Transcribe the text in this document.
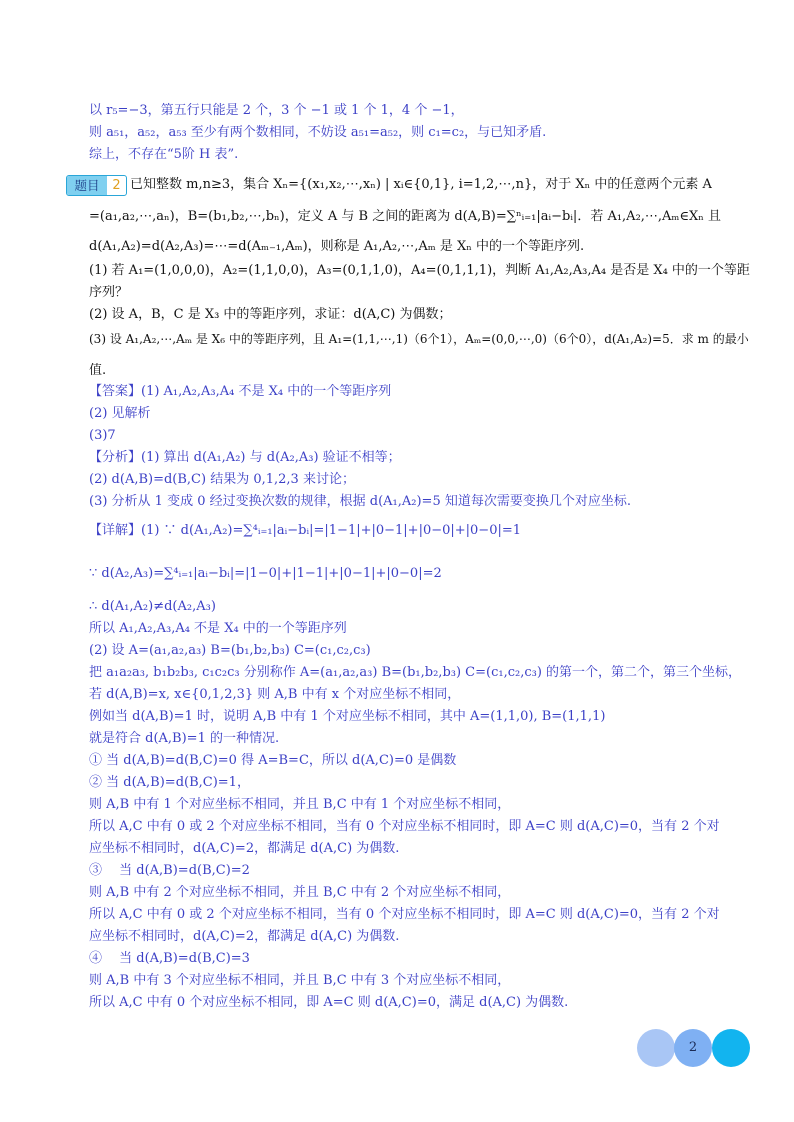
以 r₅=−3，第五行只能是 2 个，3 个 −1 或 1 个 1，4 个 −1，
则 a₅₁，a₅₂，a₅₃ 至少有两个数相同，不妨设 a₅₁=a₅₂，则 c₁=c₂，与已知矛盾.
综上，不存在“5阶 H 表”.
题目 2 已知整数 m,n≥3，集合 Xₙ={(x₁,x₂,⋯,xₙ) | xᵢ∈{0,1}, i=1,2,⋯,n}，对于 Xₙ 中的任意两个元素 A
=(a₁,a₂,⋯,aₙ)，B=(b₁,b₂,⋯,bₙ)，定义 A 与 B 之间的距离为 d(A,B)=∑ⁿᵢ₌₁|aᵢ−bᵢ|．若 A₁,A₂,⋯,Aₘ∈Xₙ 且
d(A₁,A₂)=d(A₂,A₃)=⋯=d(Aₘ₋₁,Aₘ)，则称是 A₁,A₂,⋯,Aₘ 是 Xₙ 中的一个等距序列.
(1) 若 A₁=(1,0,0,0)，A₂=(1,1,0,0)，A₃=(0,1,1,0)，A₄=(0,1,1,1)，判断 A₁,A₂,A₃,A₄ 是否是 X₄ 中的一个等距
序列？
(2) 设 A，B，C 是 X₃ 中的等距序列，求证：d(A,C) 为偶数；
(3) 设 A₁,A₂,⋯,Aₘ 是 X₆ 中的等距序列，且 A₁=(1,1,⋯,1)（6个1），Aₘ=(0,0,⋯,0)（6个0），d(A₁,A₂)=5．求 m 的最小
值.
【答案】(1) A₁,A₂,A₃,A₄ 不是 X₄ 中的一个等距序列
(2) 见解析
(3)7
【分析】(1) 算出 d(A₁,A₂) 与 d(A₂,A₃) 验证不相等；
(2) d(A,B)=d(B,C) 结果为 0,1,2,3 来讨论；
(3) 分析从 1 变成 0 经过变换次数的规律，根据 d(A₁,A₂)=5 知道每次需要变换几个对应坐标.
【详解】(1) ∵ d(A₁,A₂)=∑⁴ᵢ₌₁|aᵢ−bᵢ|=|1−1|+|0−1|+|0−0|+|0−0|=1
∵ d(A₂,A₃)=∑⁴ᵢ₌₁|aᵢ−bᵢ|=|1−0|+|1−1|+|0−1|+|0−0|=2
∴ d(A₁,A₂)≠d(A₂,A₃)
所以 A₁,A₂,A₃,A₄ 不是 X₄ 中的一个等距序列
(2) 设 A=(a₁,a₂,a₃) B=(b₁,b₂,b₃) C=(c₁,c₂,c₃)
把 a₁a₂a₃, b₁b₂b₃, c₁c₂c₃ 分别称作 A=(a₁,a₂,a₃) B=(b₁,b₂,b₃) C=(c₁,c₂,c₃) 的第一个，第二个，第三个坐标，
若 d(A,B)=x, x∈{0,1,2,3} 则 A,B 中有 x 个对应坐标不相同，
例如当 d(A,B)=1 时，说明 A,B 中有 1 个对应坐标不相同，其中 A=(1,1,0), B=(1,1,1)
就是符合 d(A,B)=1 的一种情况.
① 当 d(A,B)=d(B,C)=0 得 A=B=C，所以 d(A,C)=0 是偶数
② 当 d(A,B)=d(B,C)=1，
则 A,B 中有 1 个对应坐标不相同，并且 B,C 中有 1 个对应坐标不相同，
所以 A,C 中有 0 或 2 个对应坐标不相同，当有 0 个对应坐标不相同时，即 A=C 则 d(A,C)=0，当有 2 个对
应坐标不相同时，d(A,C)=2，都满足 d(A,C) 为偶数.
③ 　当 d(A,B)=d(B,C)=2
则 A,B 中有 2 个对应坐标不相同，并且 B,C 中有 2 个对应坐标不相同，
所以 A,C 中有 0 或 2 个对应坐标不相同，当有 0 个对应坐标不相同时，即 A=C 则 d(A,C)=0，当有 2 个对
应坐标不相同时，d(A,C)=2，都满足 d(A,C) 为偶数.
④ 　当 d(A,B)=d(B,C)=3
则 A,B 中有 3 个对应坐标不相同，并且 B,C 中有 3 个对应坐标不相同，
所以 A,C 中有 0 个对应坐标不相同，即 A=C 则 d(A,C)=0，满足 d(A,C) 为偶数.
2
